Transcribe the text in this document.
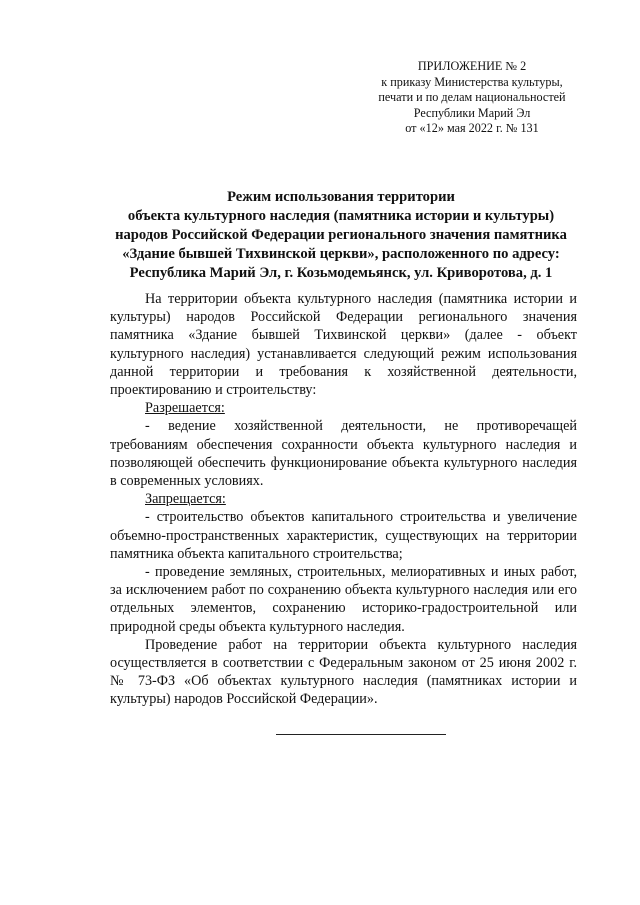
ПРИЛОЖЕНИЕ № 2
к приказу Министерства культуры,
печати и по делам национальностей
Республики Марий Эл
от «12» мая 2022 г. № 131
Режим использования территории
объекта культурного наследия (памятника истории и культуры)
народов Российской Федерации регионального значения памятника
«Здание бывшей Тихвинской церкви», расположенного по адресу:
Республика Марий Эл, г. Козьмодемьянск, ул. Криворотова, д. 1

На территории объекта культурного наследия (памятника истории и культуры) народов Российской Федерации регионального значения памятника «Здание бывшей Тихвинской церкви» (далее - объект культурного наследия) устанавливается следующий режим использования данной территории и требования к хозяйственной деятельности, проектированию и строительству:

Разрешается:

- ведение хозяйственной деятельности, не противоречащей требованиям обеспечения сохранности объекта культурного наследия и позволяющей обеспечить функционирование объекта культурного наследия в современных условиях.

Запрещается:

- строительство объектов капитального строительства и увеличение объемно-пространственных характеристик, существующих на территории памятника объекта капитального строительства;

- проведение земляных, строительных, мелиоративных и иных работ, за исключением работ по сохранению объекта культурного наследия или его отдельных элементов, сохранению историко-градостроительной или природной среды объекта культурного наследия.

Проведение работ на территории объекта культурного наследия осуществляется в соответствии с Федеральным законом от 25 июня 2002 г. № 73-ФЗ «Об объектах культурного наследия (памятниках истории и культуры) народов Российской Федерации».
